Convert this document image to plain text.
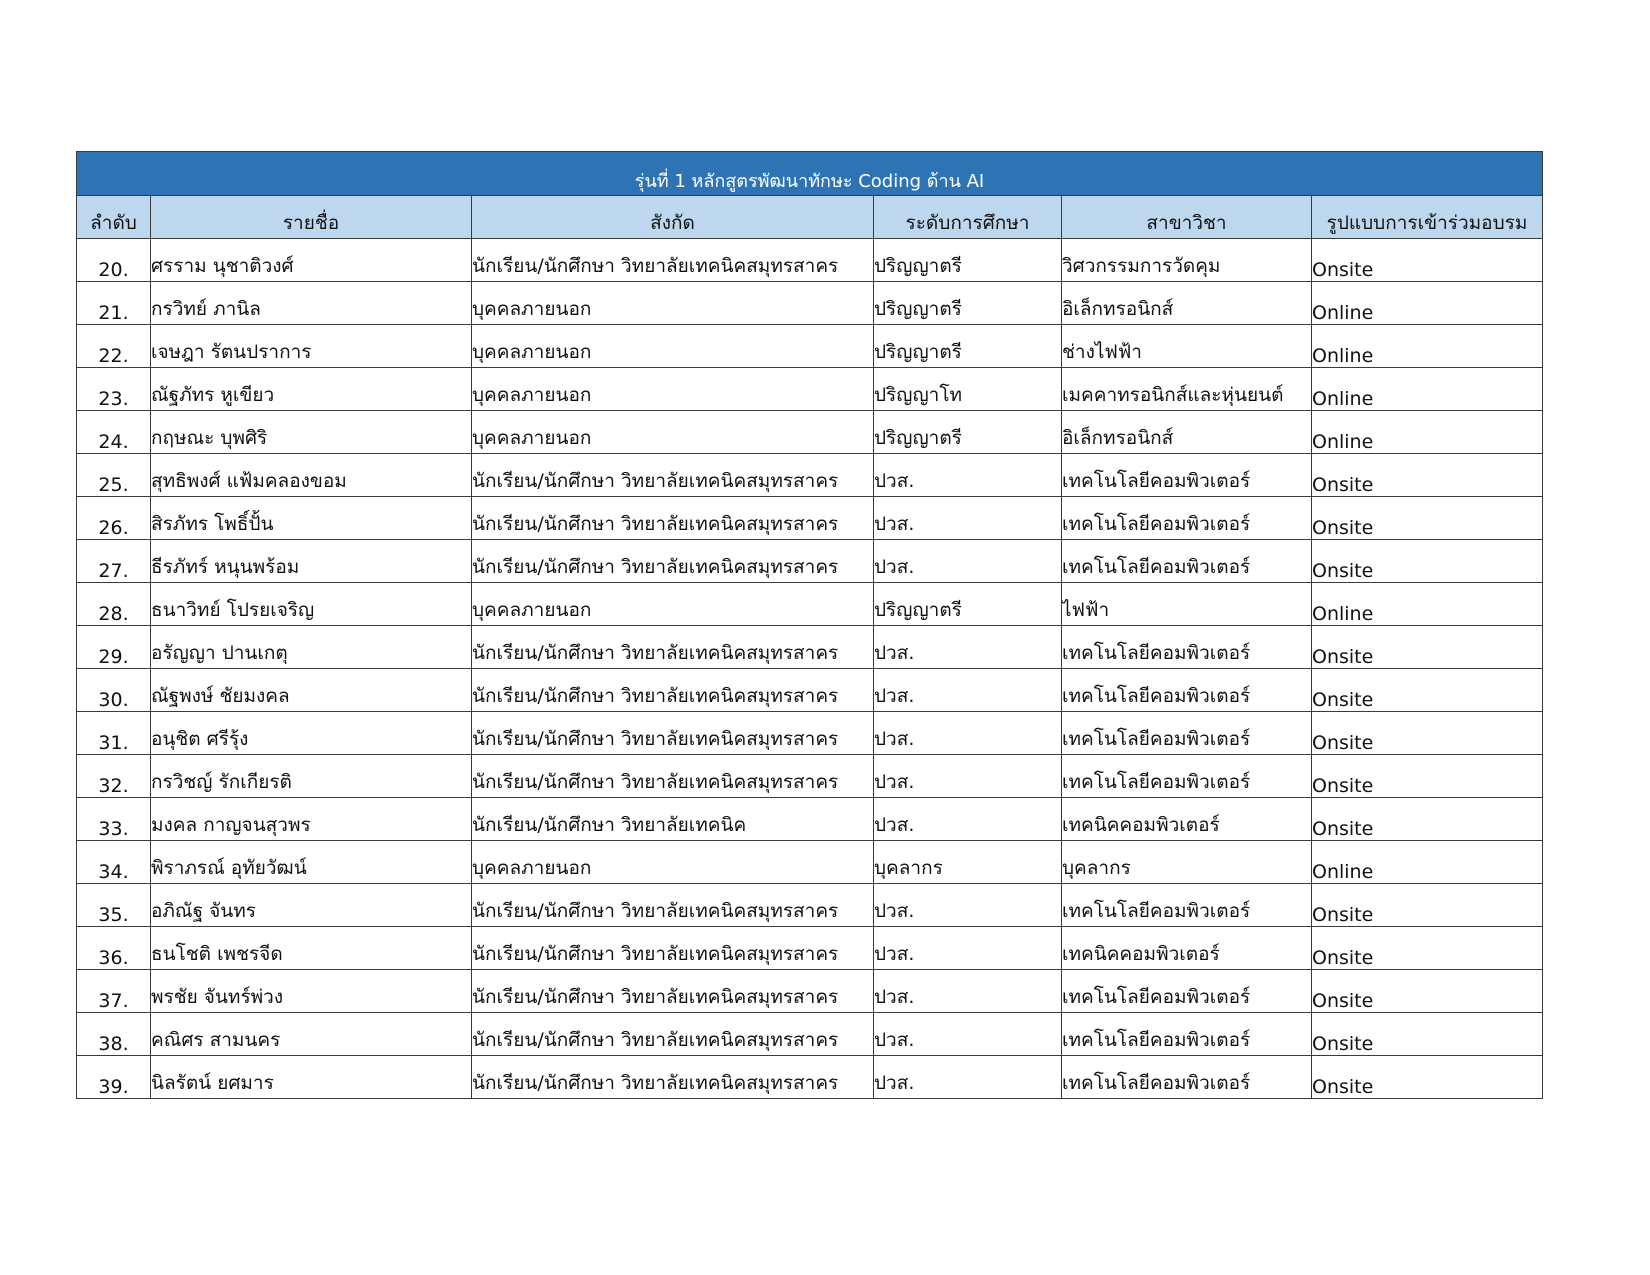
รุ่นที่ 1 หลักสูตรพัฒนาทักษะ Coding ด้าน AI					
ลำดับ	รายชื่อ	สังกัด	ระดับการศึกษา	สาขาวิชา	รูปแบบการเข้าร่วมอบรม
20.	ศรราม นุชาติวงศ์	นักเรียน/นักศึกษา วิทยาลัยเทคนิคสมุทรสาคร	ปริญญาตรี	วิศวกรรมการวัดคุม	Onsite
21.	กรวิทย์ ภานิล	บุคคลภายนอก	ปริญญาตรี	อิเล็กทรอนิกส์	Online
22.	เจษฎา รัตนปราการ	บุคคลภายนอก	ปริญญาตรี	ช่างไฟฟ้า	Online
23.	ณัฐภัทร หูเขียว	บุคคลภายนอก	ปริญญาโท	เมคคาทรอนิกส์และหุ่นยนต์	Online
24.	กฤษณะ บุพศิริ	บุคคลภายนอก	ปริญญาตรี	อิเล็กทรอนิกส์	Online
25.	สุทธิพงศ์ แฟ้มคลองขอม	นักเรียน/นักศึกษา วิทยาลัยเทคนิคสมุทรสาคร	ปวส.	เทคโนโลยีคอมพิวเตอร์	Onsite
26.	สิรภัทร โพธิ์ปั้น	นักเรียน/นักศึกษา วิทยาลัยเทคนิคสมุทรสาคร	ปวส.	เทคโนโลยีคอมพิวเตอร์	Onsite
27.	ธีรภัทร์ หนุนพร้อม	นักเรียน/นักศึกษา วิทยาลัยเทคนิคสมุทรสาคร	ปวส.	เทคโนโลยีคอมพิวเตอร์	Onsite
28.	ธนาวิทย์ โปรยเจริญ	บุคคลภายนอก	ปริญญาตรี	ไฟฟ้า	Online
29.	อรัญญา ปานเกตุ	นักเรียน/นักศึกษา วิทยาลัยเทคนิคสมุทรสาคร	ปวส.	เทคโนโลยีคอมพิวเตอร์	Onsite
30.	ณัฐพงษ์ ชัยมงคล	นักเรียน/นักศึกษา วิทยาลัยเทคนิคสมุทรสาคร	ปวส.	เทคโนโลยีคอมพิวเตอร์	Onsite
31.	อนุชิต ศรีรุ้ง	นักเรียน/นักศึกษา วิทยาลัยเทคนิคสมุทรสาคร	ปวส.	เทคโนโลยีคอมพิวเตอร์	Onsite
32.	กรวิชญ์ รักเกียรติ	นักเรียน/นักศึกษา วิทยาลัยเทคนิคสมุทรสาคร	ปวส.	เทคโนโลยีคอมพิวเตอร์	Onsite
33.	มงคล กาญจนสุวพร	นักเรียน/นักศึกษา วิทยาลัยเทคนิค	ปวส.	เทคนิคคอมพิวเตอร์	Onsite
34.	พิราภรณ์ อุทัยวัฒน์	บุคคลภายนอก	บุคลากร	บุคลากร	Online
35.	อภิณัฐ จันทร	นักเรียน/นักศึกษา วิทยาลัยเทคนิคสมุทรสาคร	ปวส.	เทคโนโลยีคอมพิวเตอร์	Onsite
36.	ธนโชติ เพชรจีด	นักเรียน/นักศึกษา วิทยาลัยเทคนิคสมุทรสาคร	ปวส.	เทคนิคคอมพิวเตอร์	Onsite
37.	พรชัย จันทร์พ่วง	นักเรียน/นักศึกษา วิทยาลัยเทคนิคสมุทรสาคร	ปวส.	เทคโนโลยีคอมพิวเตอร์	Onsite
38.	คณิศร สามนคร	นักเรียน/นักศึกษา วิทยาลัยเทคนิคสมุทรสาคร	ปวส.	เทคโนโลยีคอมพิวเตอร์	Onsite
39.	นิลรัตน์ ยศมาร	นักเรียน/นักศึกษา วิทยาลัยเทคนิคสมุทรสาคร	ปวส.	เทคโนโลยีคอมพิวเตอร์	Onsite
